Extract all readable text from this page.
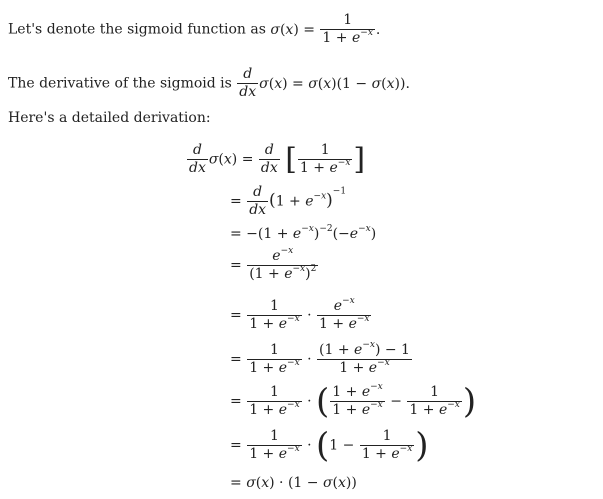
Let's denote the sigmoid function as $\sigma(x) = \frac{1}{1 + e^{-x}}$ .
The derivative of the sigmoid is $\frac{d}{dx} \sigma(x) = \sigma(x)(1 - \sigma(x))$.
Here's a detailed derivation:
$\frac{d}{dx} \sigma(x) = \frac{d}{dx}$ [ $\frac{1}{1 + e^{-x}}$ ]
= $\frac{d}{dx} (1 + e^{-x})^{-1}$
= $-(1 + e^{-x})^{-2}(-e^{-x})$
= $\frac{e^{-x}}{(1 + e^{-x})^2}$
= $\frac{1}{1 + e^{-x}} \cdot \frac{e^{-x}}{1 + e^{-x}}$
= $\frac{1}{1 + e^{-x}} \cdot \frac{(1 + e^{-x}) - 1}{1 + e^{-x}}$
= $\frac{1}{1 + e^{-x}}$ · ( $\frac{1 + e^{-x}}{1 + e^{-x}} - \frac{1}{1 + e^{-x}}$ )
= $\frac{1}{1 + e^{-x}} \cdot (1 - \frac{1}{1 + e^{-x}}$ )
= σ(x) · (1 − σ(x))
